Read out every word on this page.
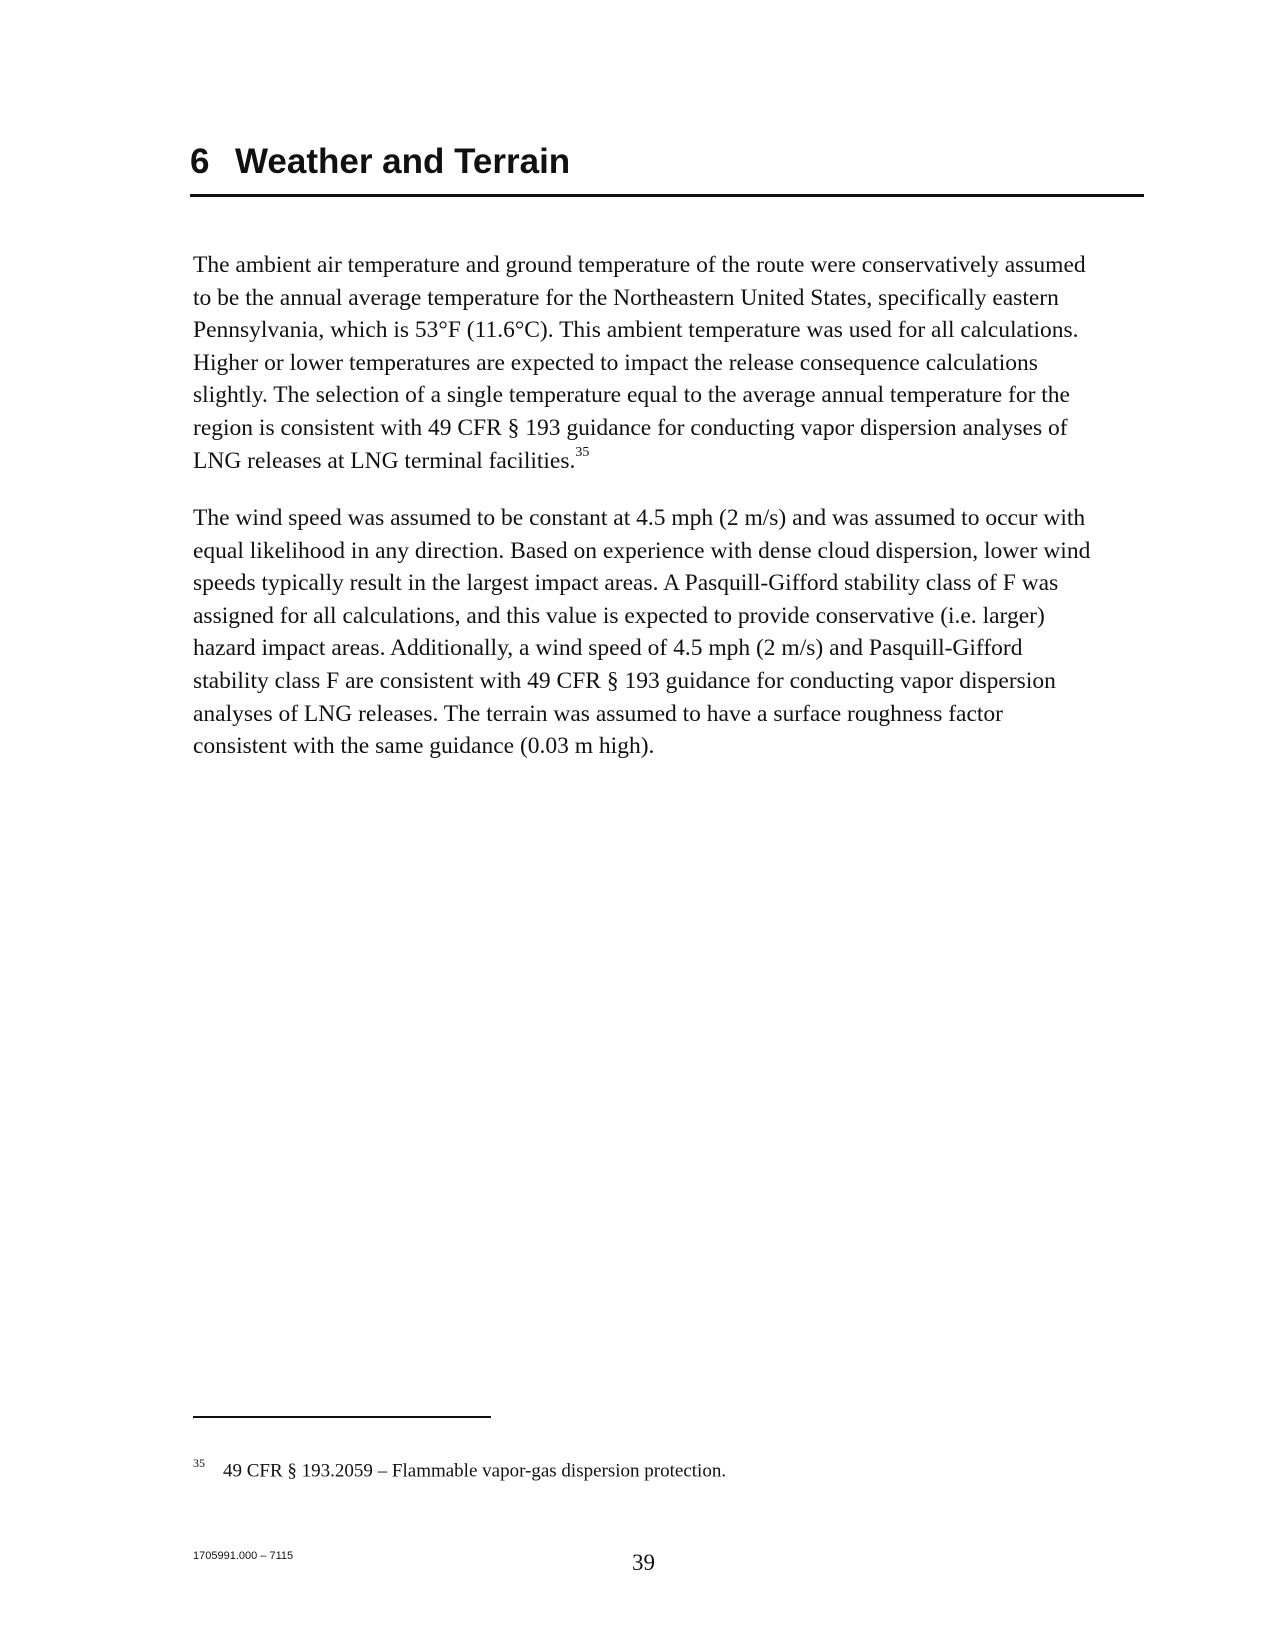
6 Weather and Terrain

The ambient air temperature and ground temperature of the route were conservatively assumed
to be the annual average temperature for the Northeastern United States, specifically eastern
Pennsylvania, which is 53°F (11.6°C). This ambient temperature was used for all calculations.
Higher or lower temperatures are expected to impact the release consequence calculations
slightly. The selection of a single temperature equal to the average annual temperature for the
region is consistent with 49 CFR § 193 guidance for conducting vapor dispersion analyses of
LNG releases at LNG terminal facilities.$^{35}$

The wind speed was assumed to be constant at 4.5 mph (2 m/s) and was assumed to occur with
equal likelihood in any direction. Based on experience with dense cloud dispersion, lower wind
speeds typically result in the largest impact areas. A Pasquill-Gifford stability class of F was
assigned for all calculations, and this value is expected to provide conservative (i.e. larger)
hazard impact areas. Additionally, a wind speed of 4.5 mph (2 m/s) and Pasquill-Gifford
stability class F are consistent with 49 CFR § 193 guidance for conducting vapor dispersion
analyses of LNG releases. The terrain was assumed to have a surface roughness factor
consistent with the same guidance (0.03 m high).

35 49 CFR § 193.2059 – Flammable vapor-gas dispersion protection.
1705991.000 – 7115	39
